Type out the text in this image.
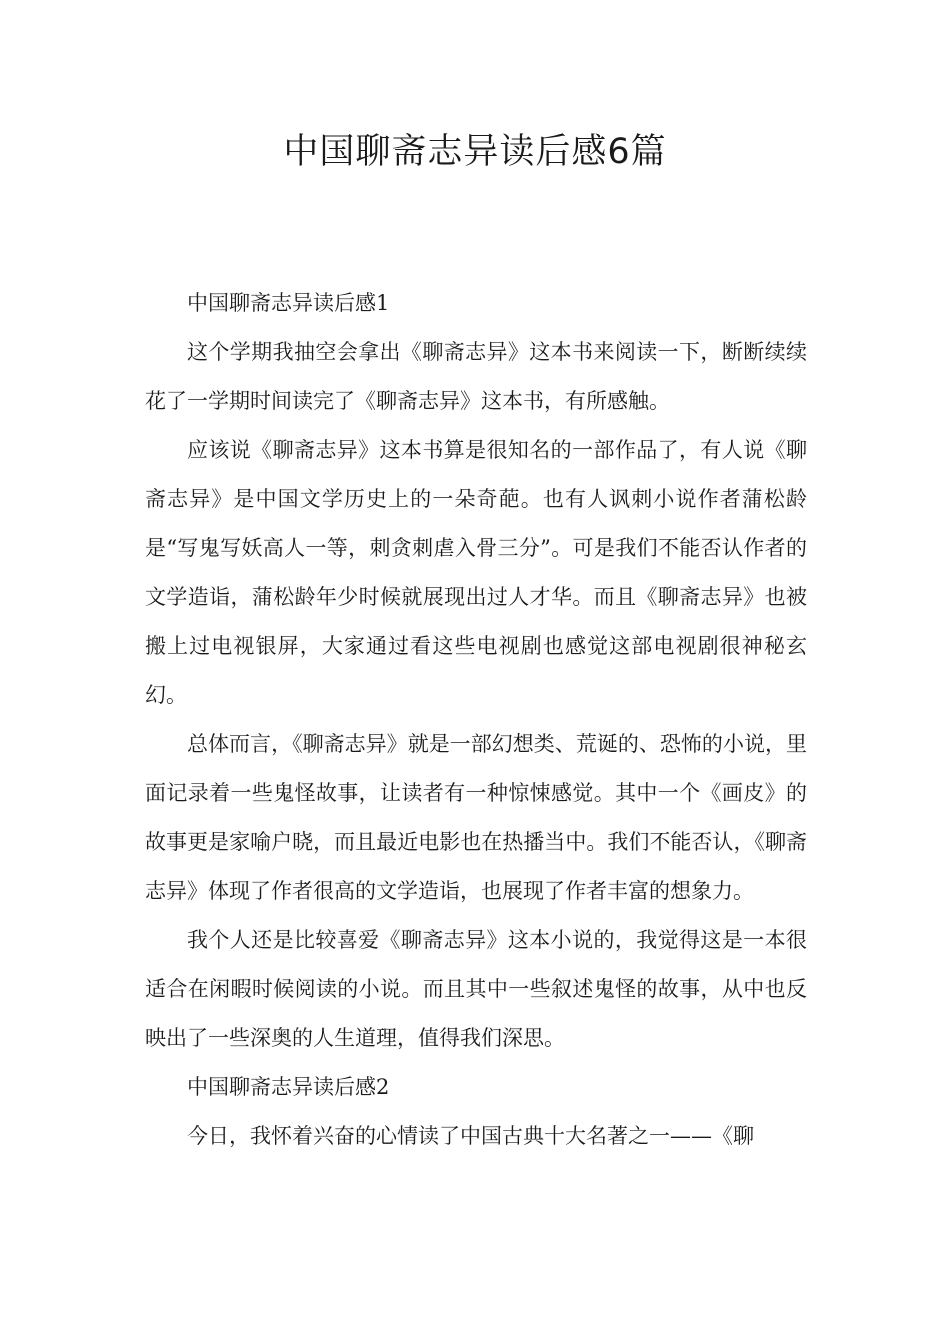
中国聊斋志异读后感6篇

中国聊斋志异读后感1

这个学期我抽空会拿出《聊斋志异》这本书来阅读一下，断断续续花了一学期时间读完了《聊斋志异》这本书，有所感触。

应该说《聊斋志异》这本书算是很知名的一部作品了，有人说《聊斋志异》是中国文学历史上的一朵奇葩。也有人讽刺小说作者蒲松龄是“写鬼写妖高人一等，刺贪刺虐入骨三分”。可是我们不能否认作者的文学造诣，蒲松龄年少时候就展现出过人才华。而且《聊斋志异》也被搬上过电视银屏，大家通过看这些电视剧也感觉这部电视剧很神秘玄幻。

总体而言，《聊斋志异》就是一部幻想类、荒诞的、恐怖的小说，里面记录着一些鬼怪故事，让读者有一种惊悚感觉。其中一个《画皮》的故事更是家喻户晓，而且最近电影也在热播当中。我们不能否认，《聊斋志异》体现了作者很高的文学造诣，也展现了作者丰富的想象力。

我个人还是比较喜爱《聊斋志异》这本小说的，我觉得这是一本很适合在闲暇时候阅读的小说。而且其中一些叙述鬼怪的故事，从中也反映出了一些深奥的人生道理，值得我们深思。

中国聊斋志异读后感2

今日，我怀着兴奋的心情读了中国古典十大名著之一——《聊
